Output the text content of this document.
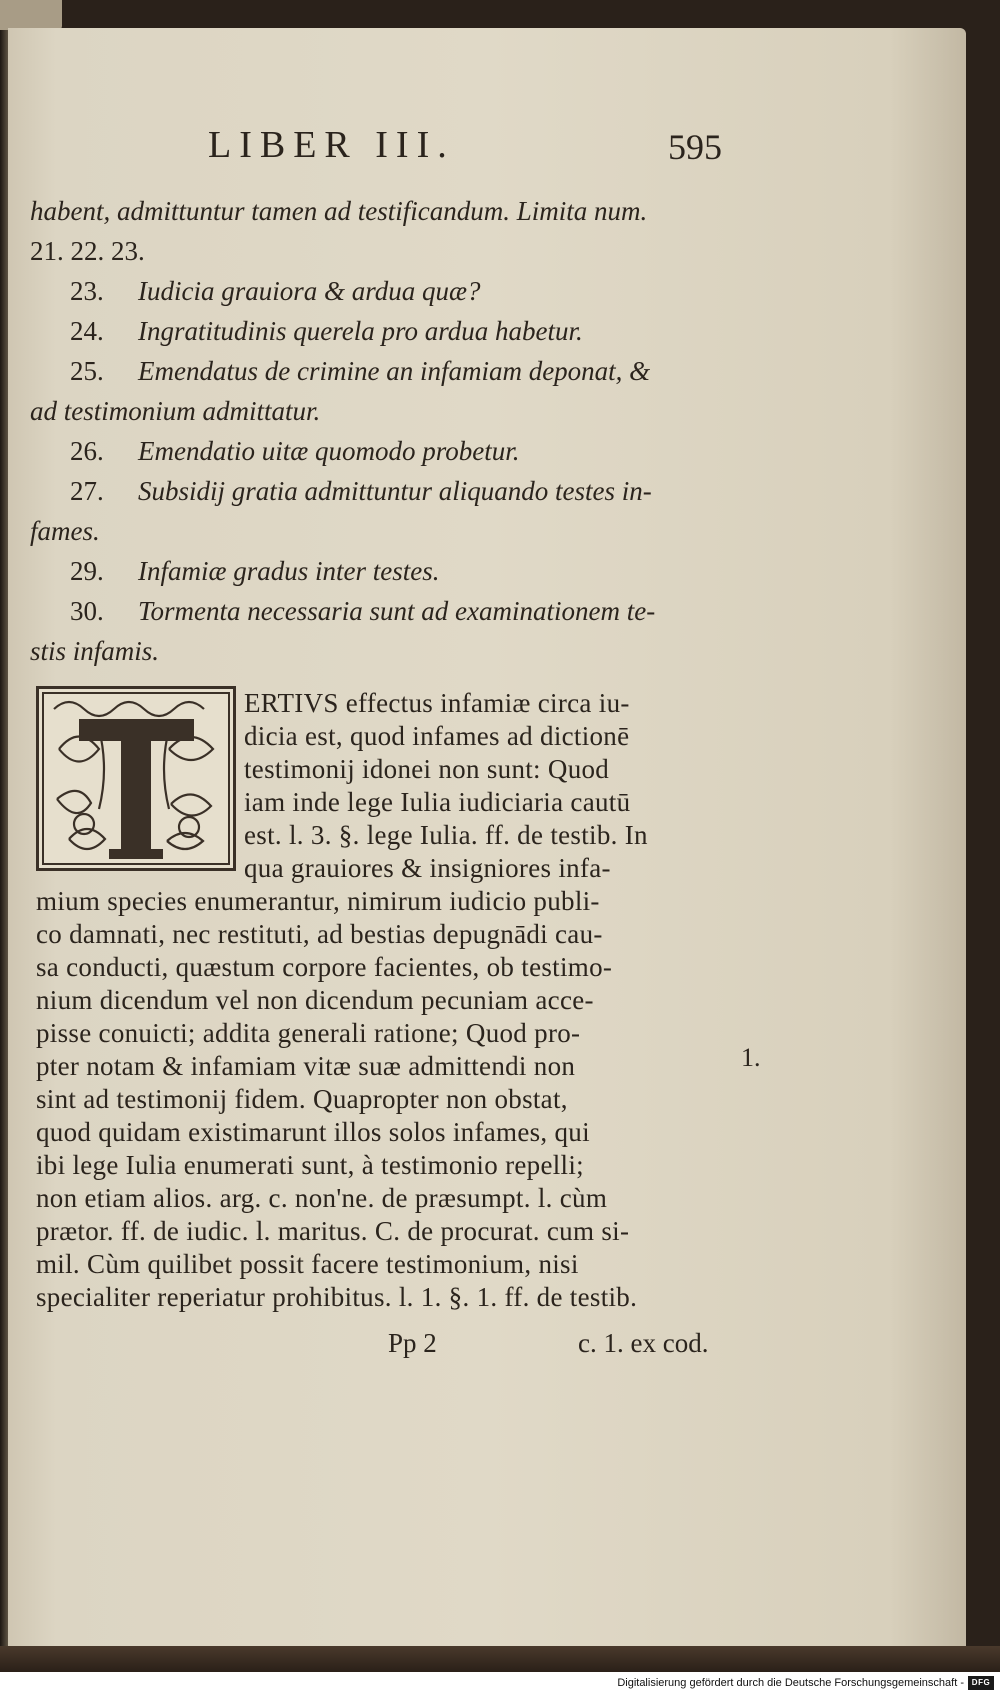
LIBER III.	595
habent, admittuntur tamen ad testificandum. Limita num.
21. 22. 23.
23. Iudicia grauiora & ardua quæ?
24. Ingratitudinis querela pro ardua habetur.
25. Emendatus de crimine an infamiam deponat, &
ad testimonium admittatur.
26. Emendatio uitæ quomodo probetur.
27. Subsidij gratia admittuntur aliquando testes in-
fames.
29. Infamiæ gradus inter testes.
30. Tormenta necessaria sunt ad examinationem te-
stis infamis.
ERTIVS effectus infamiæ circa iu-
dicia est, quod infames ad dictionē
testimonij idonei non sunt: Quod
iam inde lege Iulia iudiciaria cautū
est. l. 3. §. lege Iulia. ff. de testib. In
qua grauiores & insigniores infa-
mium species enumerantur, nimirum iudicio publi-
co damnati, nec restituti, ad bestias depugnādi cau-
sa conducti, quæstum corpore facientes, ob testimo-
nium dicendum vel non dicendum pecuniam acce-
pisse conuicti; addita generali ratione; Quod pro-
pter notam & infamiam vitæ suæ admittendi non
sint ad testimonij fidem. Quapropter non obstat,
quod quidam existimarunt illos solos infames, qui
ibi lege Iulia enumerati sunt, à testimonio repelli;
non etiam alios. arg. c. non'ne. de præsumpt. l. cùm
prætor. ff. de iudic. l. maritus. C. de procurat. cum si-
mil. Cùm quilibet possit facere testimonium, nisi
specialiter reperiatur prohibitus. l. 1. §. 1. ff. de testib.
1.
Pp 2	c. 1. ex cod.
Digitalisierung gefördert durch die Deutsche Forschungsgemeinschaft - DFG
